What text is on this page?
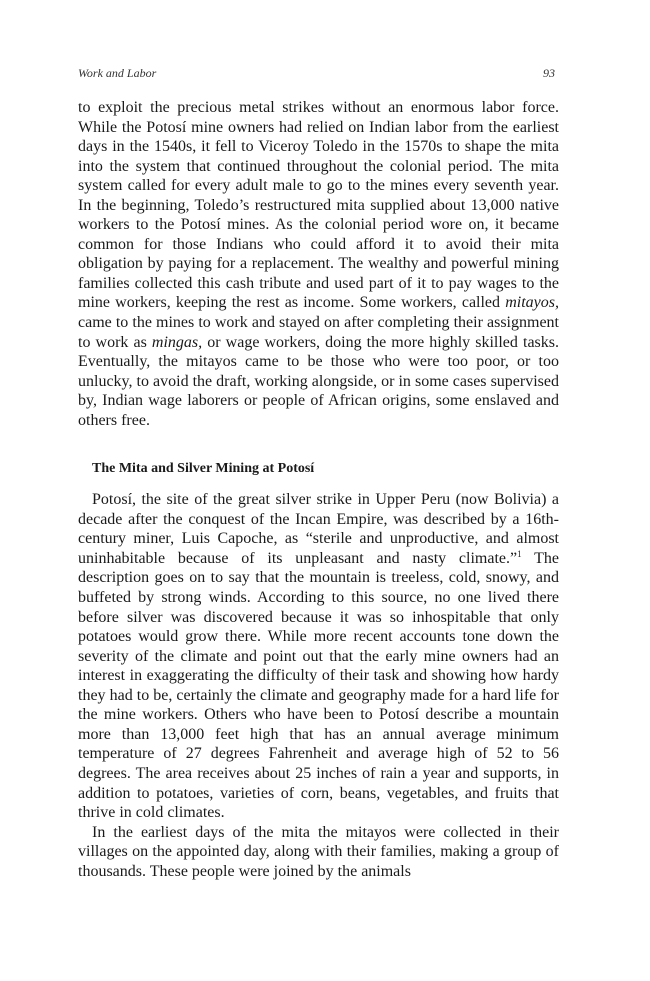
Work and Labor	93

to exploit the precious metal strikes without an enormous labor force. While the Potosí mine owners had relied on Indian labor from the earliest days in the 1540s, it fell to Viceroy Toledo in the 1570s to shape the mita into the system that continued throughout the colonial period. The mita system called for every adult male to go to the mines every seventh year. In the beginning, Toledo’s restructured mita supplied about 13,000 native workers to the Potosí mines. As the colonial period wore on, it became common for those Indians who could afford it to avoid their mita obligation by paying for a replacement. The wealthy and powerful mining families collected this cash tribute and used part of it to pay wages to the mine workers, keeping the rest as income. Some workers, called mitayos, came to the mines to work and stayed on after completing their assignment to work as mingas, or wage workers, doing the more highly skilled tasks. Eventually, the mitayos came to be those who were too poor, or too unlucky, to avoid the draft, working alongside, or in some cases supervised by, Indian wage laborers or people of African origins, some enslaved and others free.

The Mita and Silver Mining at Potosí

Potosí, the site of the great silver strike in Upper Peru (now Bolivia) a decade after the conquest of the Incan Empire, was described by a 16th-century miner, Luis Capoche, as “sterile and unproductive, and almost uninhabitable because of its unpleasant and nasty climate.”$^1$ The description goes on to say that the mountain is treeless, cold, snowy, and buffeted by strong winds. According to this source, no one lived there before silver was discovered because it was so inhospitable that only potatoes would grow there. While more recent accounts tone down the severity of the climate and point out that the early mine owners had an interest in exaggerating the difficulty of their task and showing how hardy they had to be, certainly the climate and geography made for a hard life for the mine workers. Others who have been to Potosí describe a mountain more than 13,000 feet high that has an annual average minimum temperature of 27 degrees Fahrenheit and average high of 52 to 56 degrees. The area receives about 25 inches of rain a year and supports, in addition to potatoes, varieties of corn, beans, vegetables, and fruits that thrive in cold climates.

In the earliest days of the mita the mitayos were collected in their villages on the appointed day, along with their families, making a group of thousands. These people were joined by the animals
